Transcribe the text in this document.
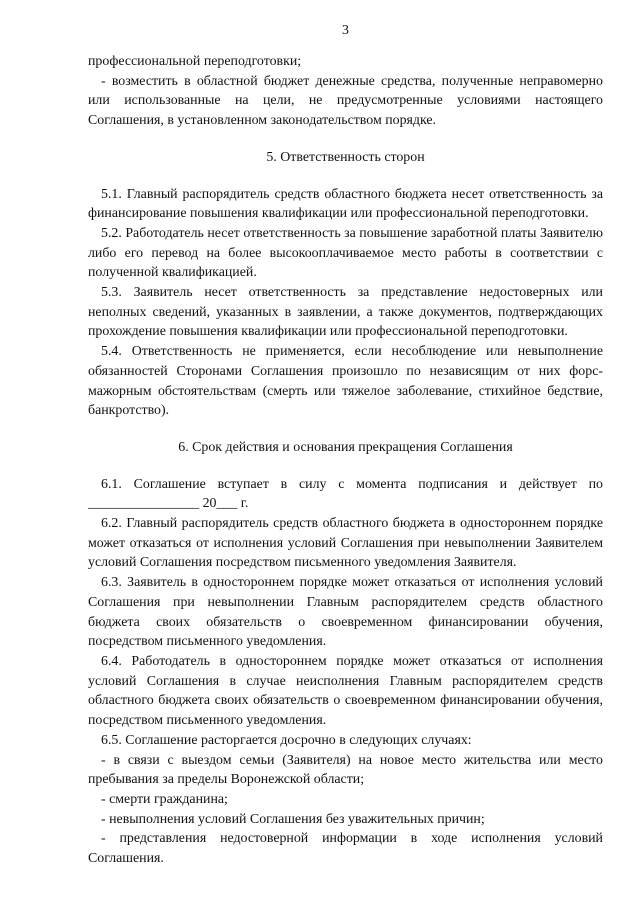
3

профессиональной переподготовки;

- возместить в областной бюджет денежные средства, полученные неправомерно или использованные на цели, не предусмотренные условиями настоящего Соглашения, в установленном законодательством порядке.

5. Ответственность сторон

5.1. Главный распорядитель средств областного бюджета несет ответственность за финансирование повышения квалификации или профессиональной переподготовки.

5.2. Работодатель несет ответственность за повышение заработной платы Заявителю либо его перевод на более высокооплачиваемое место работы в соответствии с полученной квалификацией.

5.3. Заявитель несет ответственность за представление недостоверных или неполных сведений, указанных в заявлении, а также документов, подтверждающих прохождение повышения квалификации или профессиональной переподготовки.

5.4. Ответственность не применяется, если несоблюдение или невыполнение обязанностей Сторонами Соглашения произошло по независящим от них форс-мажорным обстоятельствам (смерть или тяжелое заболевание, стихийное бедствие, банкротство).

6. Срок действия и основания прекращения Соглашения

6.1. Соглашение вступает в силу с момента подписания и действует по ________________ 20___ г.

6.2. Главный распорядитель средств областного бюджета в одностороннем порядке может отказаться от исполнения условий Соглашения при невыполнении Заявителем условий Соглашения посредством письменного уведомления Заявителя.

6.3. Заявитель в одностороннем порядке может отказаться от исполнения условий Соглашения при невыполнении Главным распорядителем средств областного бюджета своих обязательств о своевременном финансировании обучения, посредством письменного уведомления.

6.4. Работодатель в одностороннем порядке может отказаться от исполнения условий Соглашения в случае неисполнения Главным распорядителем средств областного бюджета своих обязательств о своевременном финансировании обучения, посредством письменного уведомления.

6.5. Соглашение расторгается досрочно в следующих случаях:

- в связи с выездом семьи (Заявителя) на новое место жительства или место пребывания за пределы Воронежской области;

- смерти гражданина;

- невыполнения условий Соглашения без уважительных причин;

- представления недостоверной информации в ходе исполнения условий Соглашения.
